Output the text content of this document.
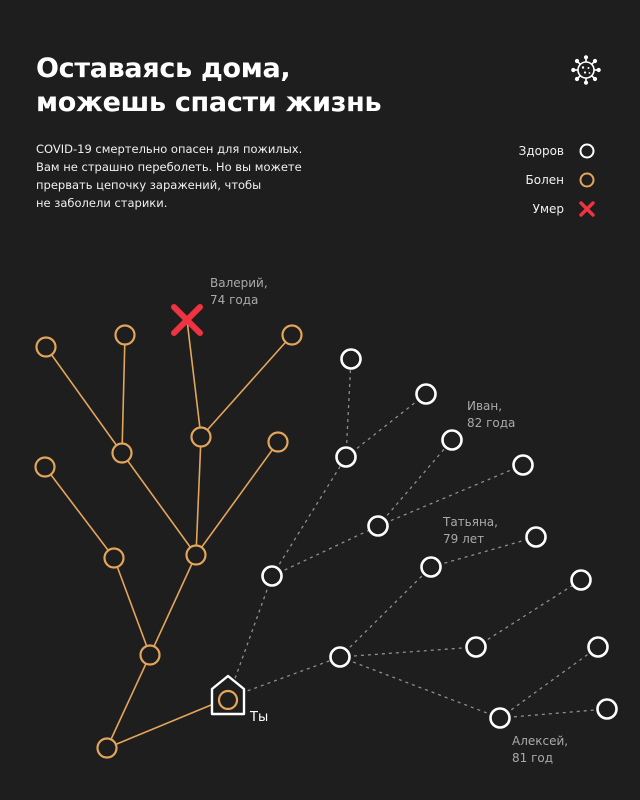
Оставаясь дома,
можешь спасти жизнь

COVID-19 смертельно опасен для пожилых.
Вам не страшно переболеть. Но вы можете
прервать цепочку заражений, чтобы
не заболели старики.

Здоров
Болен
Умер
Валерий,
74 года
Иван,
82 года
Татьяна,
79 лет
Алексей,
81 год
Ты
